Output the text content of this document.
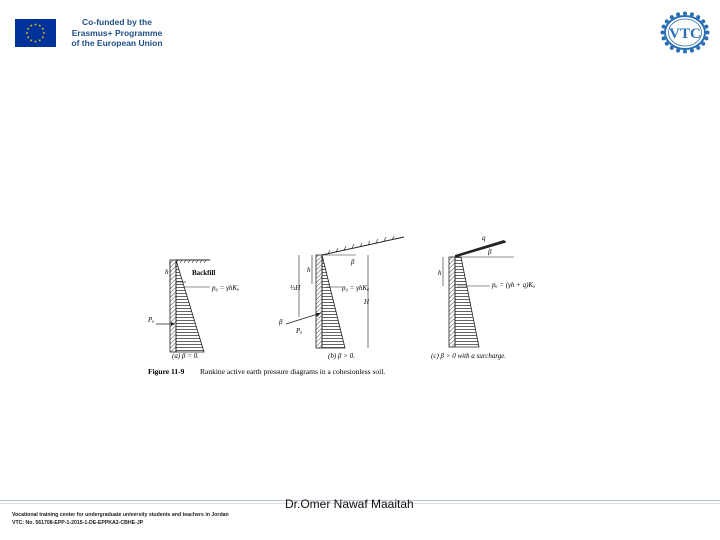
Co-funded by the
Erasmus+ Programme
of the European Union
VTC
h	Backfill
p₀ = γhKₐ
Pₐ
(a) β = 0.
β
h
⅓H
H
p₀ = γhKₐ
β
Pₐ
(b) β > 0.
q
β
h
pₐ = (γh + q)Kₐ
(c) β > 0 with a surcharge.
Figure 11-9 Rankine active earth pressure diagrams in a cohesionless soil.
Dr.Omer Nawaf Maaitah
Vocational training center for undergraduate university students and teachers in Jordan
VTC: No. 561708-EPP-1-2015-1-DE-EPPKA2-CBHE-JP
